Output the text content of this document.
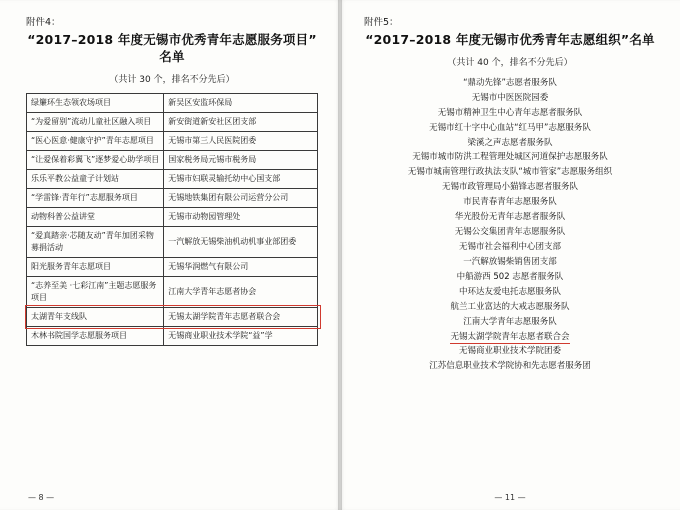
附件4：
“2017–2018 年度无锡市优秀青年志愿服务项目”
名单
（共计 30 个，排名不分先后）
绿簾环生态领农场项目	新吴区安监环保局
“为爱留别”流动儿童社区融入项目	新安街道新安社区团支部
“医心医意·健康守护”青年志愿项目	无锡市第三人民医院团委
“让爱保着彩翼飞”逐梦爱心助学项目	国家税务局元锡市税务局
乐乐平教公益童子计划站	无锡市妇联灵输托幼中心国支部
“学雷锋·青年行”志愿服务项目	无锡地铁集团有限公司运营分公司
动物科普公益讲堂	无锡市动物园管理处
“爱真踏亲·芯随友动”青年加团采物募捐活动	一汽解放无锡柴油机动机事业部团委
阳光服务青年志愿项目	无锡华润燃气有限公司
“志养至美 ·七彩江南”主题志愿服务项目	江南大学青年志愿者协会
太湖青年支线队	无锡太湖学院青年志愿者联合会
木林书院国学志愿服务项目	无锡商业职业技术学院“益”学
— 8 —
附件5：
“2017–2018 年度无锡市优秀青年志愿组织”名单
（共计 40 个，排名不分先后）
“鼎动先锋”志愿者服务队
无锡市中医医院园委
无锡市精神卫生中心青年志愿者服务队
无锡市红十字中心血站“红马甲”志愿服务队
梁溪之声志愿者服务队
无锡市城市防洪工程管理处城区河道保护志愿服务队
无锡市城南管理行政执法支队“城市管家”志愿服务组织
无锡市政管理局小猫锋志愿者服务队
市民青春青年志愿服务队
华光股份无青年志愿者服务队
无锡公交集团青年志愿服务队
无锡市社会福利中心团支部
一汽解放锡柴销售团支部
中船游西 502 志愿者服务队
中环达友爱电托志愿服务队
航兰工业富达的大戒志愿服务队
江南大学青年志愿服务队
无锡太湖学院青年志愿者联合会
无锡商业职业技术学院团委
江苏信息职业技术学院协和先志愿者服务团
— 11 —
